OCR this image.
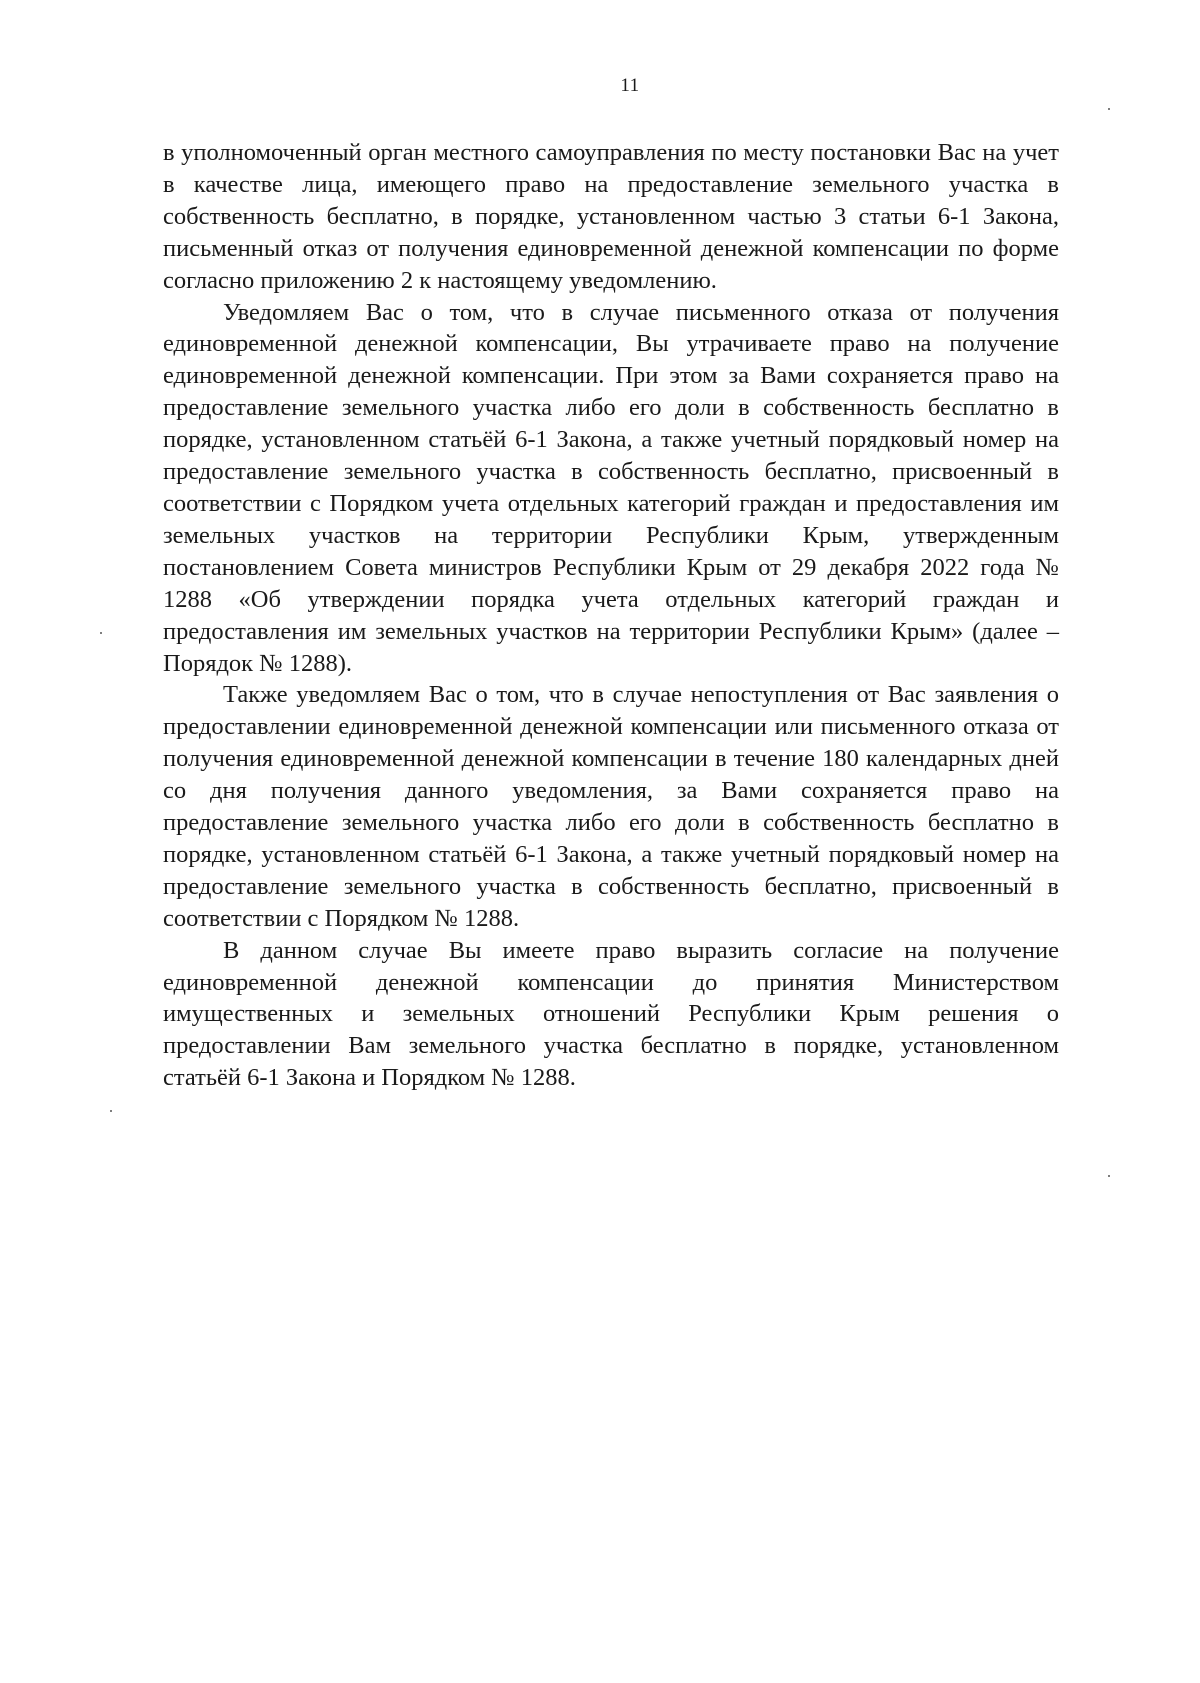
11

в уполномоченный орган местного самоуправления по месту постановки Вас на учет в качестве лица, имеющего право на предоставление земельного участка в собственность бесплатно, в порядке, установленном частью 3 статьи 6-1 Закона, письменный отказ от получения единовременной денежной компенсации по форме согласно приложению 2 к настоящему уведомлению.

Уведомляем Вас о том, что в случае письменного отказа от получения единовременной денежной компенсации, Вы утрачиваете право на получение единовременной денежной компенсации. При этом за Вами сохраняется право на предоставление земельного участка либо его доли в собственность бесплатно в порядке, установленном статьёй 6-1 Закона, а также учетный порядковый номер на предоставление земельного участка в собственность бесплатно, присвоенный в соответствии с Порядком учета отдельных категорий граждан и предоставления им земельных участков на территории Республики Крым, утвержденным постановлением Совета министров Республики Крым от 29 декабря 2022 года № 1288 «Об утверждении порядка учета отдельных категорий граждан и предоставления им земельных участков на территории Республики Крым» (далее – Порядок № 1288).

Также уведомляем Вас о том, что в случае непоступления от Вас заявления о предоставлении единовременной денежной компенсации или письменного отказа от получения единовременной денежной компенсации в течение 180 календарных дней со дня получения данного уведомления, за Вами сохраняется право на предоставление земельного участка либо его доли в собственность бесплатно в порядке, установленном статьёй 6-1 Закона, а также учетный порядковый номер на предоставление земельного участка в собственность бесплатно, присвоенный в соответствии с Порядком № 1288.

В данном случае Вы имеете право выразить согласие на получение единовременной денежной компенсации до принятия Министерством имущественных и земельных отношений Республики Крым решения о предоставлении Вам земельного участка бесплатно в порядке, установленном статьёй 6-1 Закона и Порядком № 1288.
